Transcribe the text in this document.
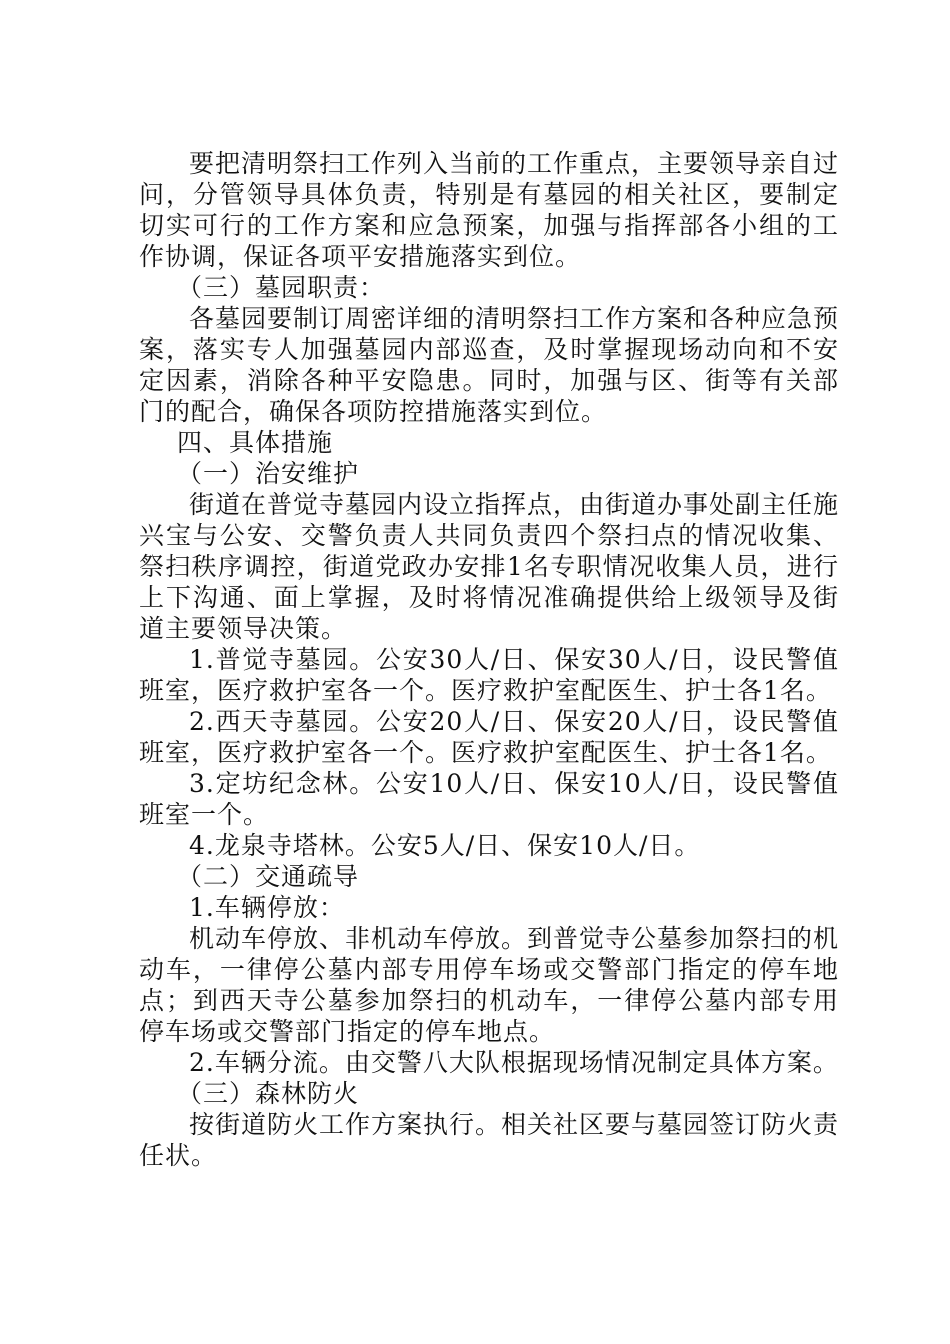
要把清明祭扫工作列入当前的工作重点，主要领导亲自过问，分管领导具体负责，特别是有墓园的相关社区，要制定切实可行的工作方案和应急预案，加强与指挥部各小组的工作协调，保证各项平安措施落实到位。

（三）墓园职责：

各墓园要制订周密详细的清明祭扫工作方案和各种应急预案，落实专人加强墓园内部巡查，及时掌握现场动向和不安定因素，消除各种平安隐患。同时，加强与区、街等有关部门的配合，确保各项防控措施落实到位。

四、具体措施

（一）治安维护

街道在普觉寺墓园内设立指挥点，由街道办事处副主任施兴宝与公安、交警负责人共同负责四个祭扫点的情况收集、祭扫秩序调控，街道党政办安排1名专职情况收集人员，进行上下沟通、面上掌握，及时将情况准确提供给上级领导及街道主要领导决策。

1.普觉寺墓园。公安30人/日、保安30人/日，设民警值班室，医疗救护室各一个。医疗救护室配医生、护士各1名。

2.西天寺墓园。公安20人/日、保安20人/日，设民警值班室，医疗救护室各一个。医疗救护室配医生、护士各1名。

3.定坊纪念林。公安10人/日、保安10人/日，设民警值班室一个。

4.龙泉寺塔林。公安5人/日、保安10人/日。

（二）交通疏导

1.车辆停放：

机动车停放、非机动车停放。到普觉寺公墓参加祭扫的机动车，一律停公墓内部专用停车场或交警部门指定的停车地点；到西天寺公墓参加祭扫的机动车，一律停公墓内部专用停车场或交警部门指定的停车地点。

2.车辆分流。由交警八大队根据现场情况制定具体方案。

（三）森林防火

按街道防火工作方案执行。相关社区要与墓园签订防火责任状。
